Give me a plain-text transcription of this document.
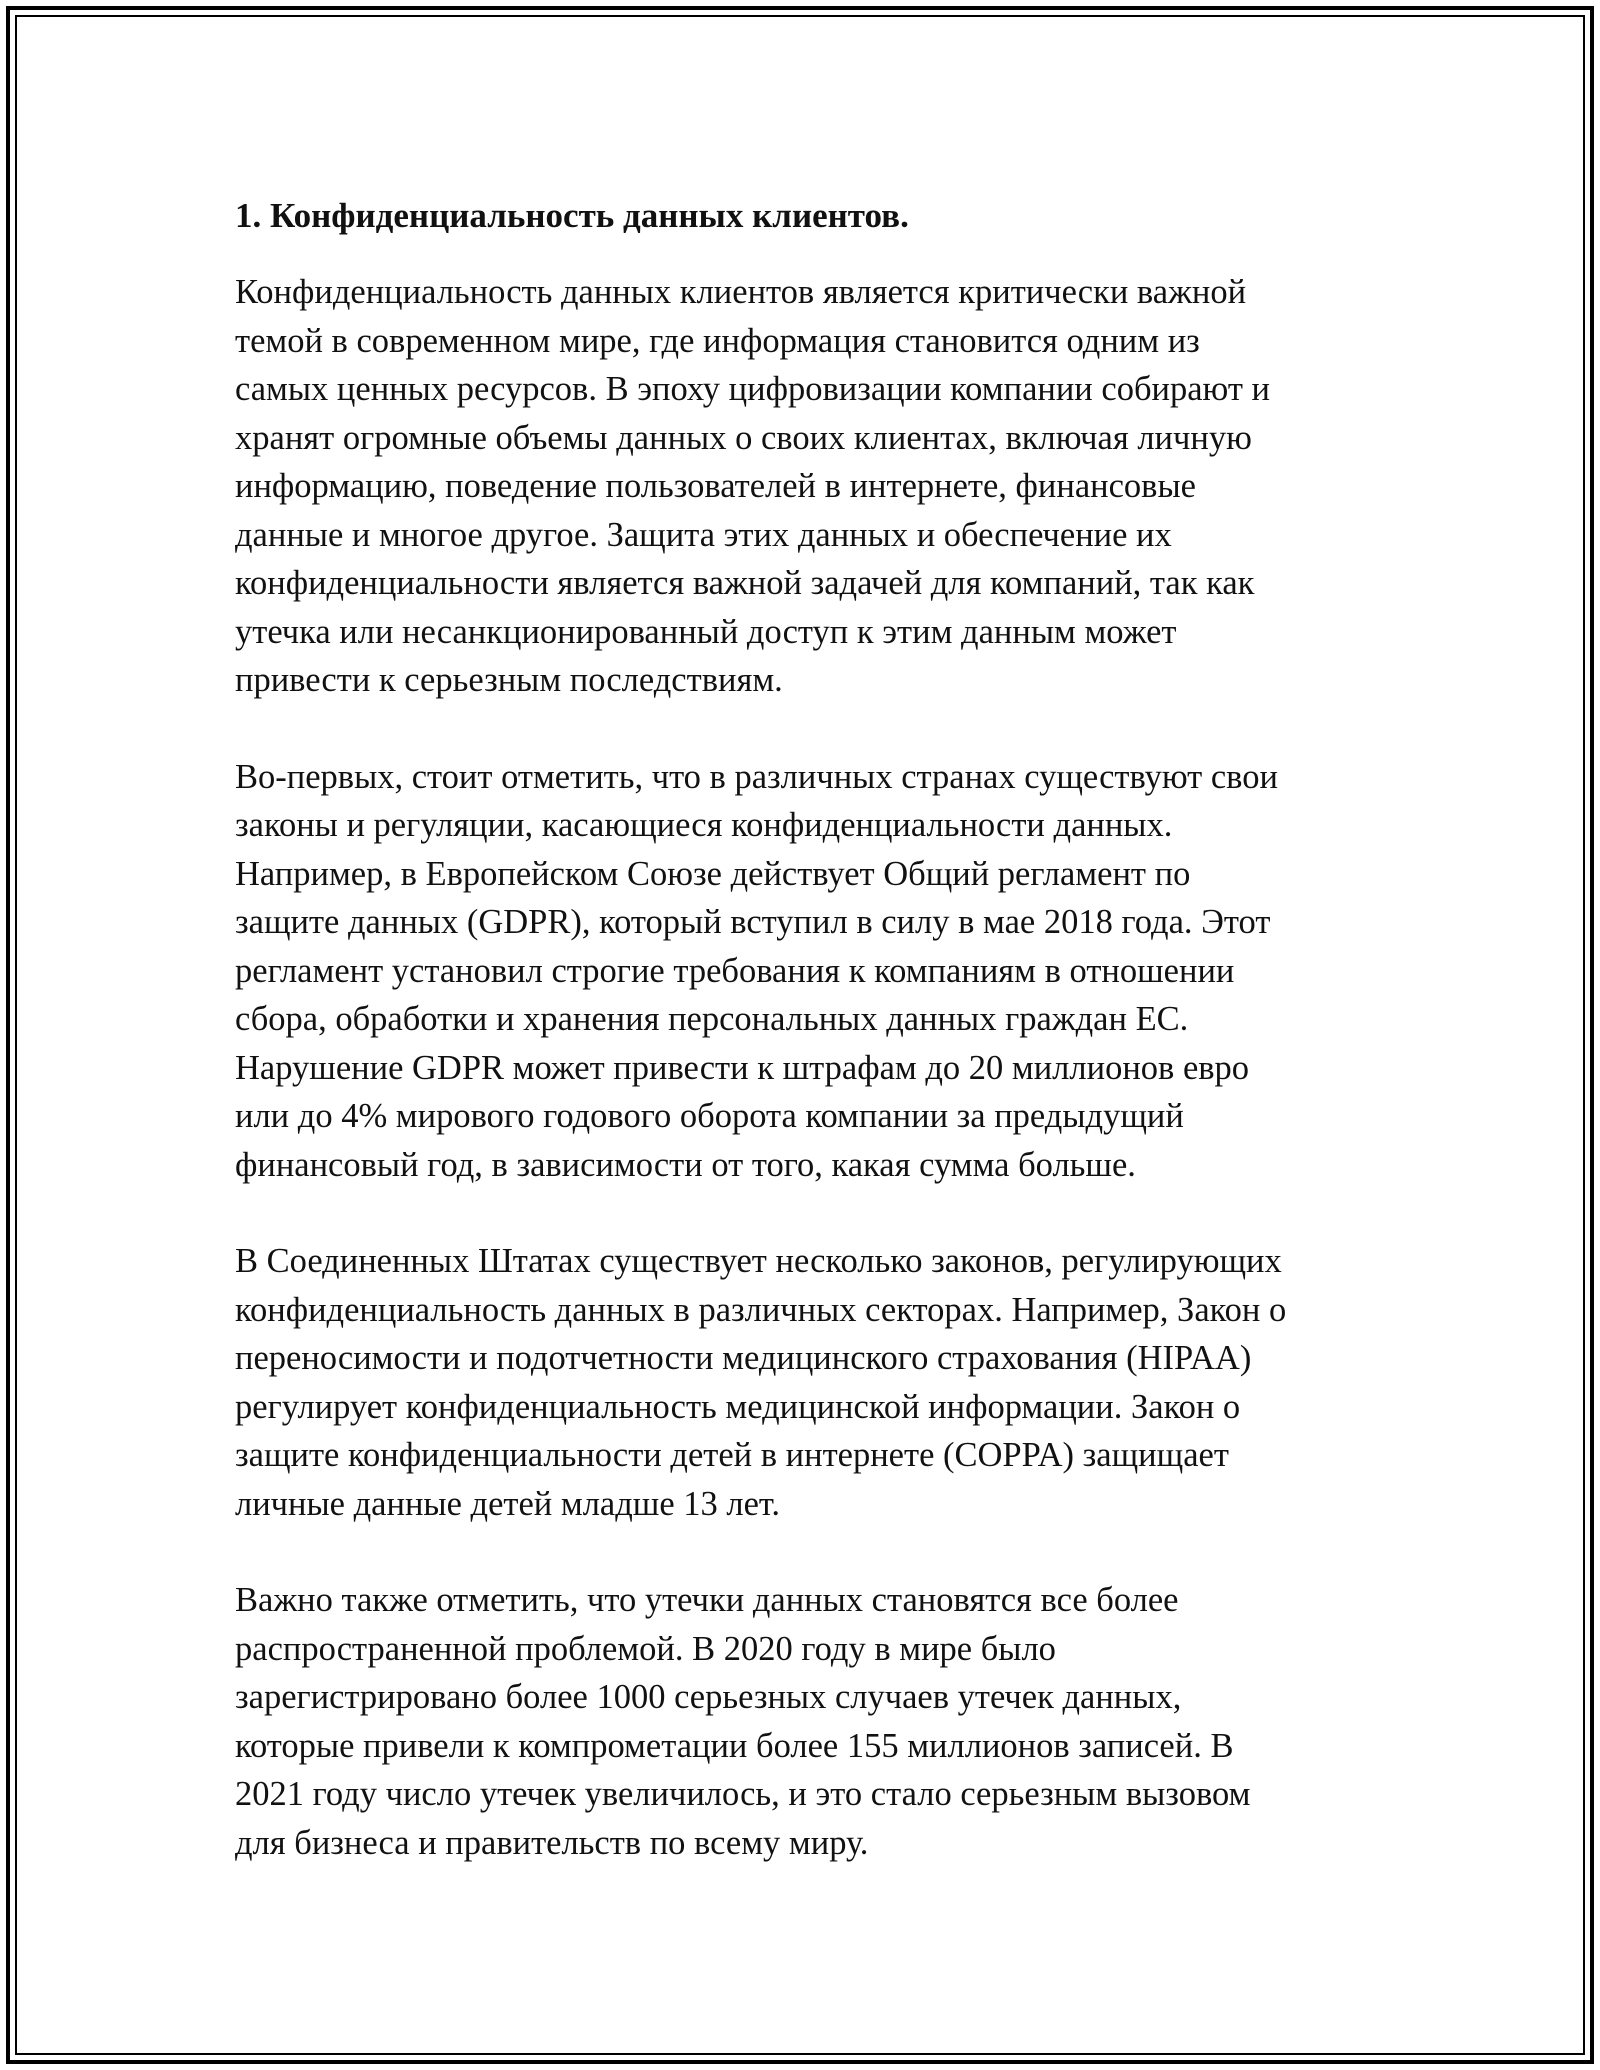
1. Конфиденциальность данных клиентов.
Конфиденциальность данных клиентов является критически важной
темой в современном мире, где информация становится одним из
самых ценных ресурсов. В эпоху цифровизации компании собирают и
хранят огромные объемы данных о своих клиентах, включая личную
информацию, поведение пользователей в интернете, финансовые
данные и многое другое. Защита этих данных и обеспечение их
конфиденциальности является важной задачей для компаний, так как
утечка или несанкционированный доступ к этим данным может
привести к серьезным последствиям.
Во-первых, стоит отметить, что в различных странах существуют свои
законы и регуляции, касающиеся конфиденциальности данных.
Например, в Европейском Союзе действует Общий регламент по
защите данных (GDPR), который вступил в силу в мае 2018 года. Этот
регламент установил строгие требования к компаниям в отношении
сбора, обработки и хранения персональных данных граждан ЕС.
Нарушение GDPR может привести к штрафам до 20 миллионов евро
или до 4% мирового годового оборота компании за предыдущий
финансовый год, в зависимости от того, какая сумма больше.
В Соединенных Штатах существует несколько законов, регулирующих
конфиденциальность данных в различных секторах. Например, Закон о
переносимости и подотчетности медицинского страхования (HIPAA)
регулирует конфиденциальность медицинской информации. Закон о
защите конфиденциальности детей в интернете (COPPA) защищает
личные данные детей младше 13 лет.
Важно также отметить, что утечки данных становятся все более
распространенной проблемой. В 2020 году в мире было
зарегистрировано более 1000 серьезных случаев утечек данных,
которые привели к компрометации более 155 миллионов записей. В
2021 году число утечек увеличилось, и это стало серьезным вызовом
для бизнеса и правительств по всему миру.
